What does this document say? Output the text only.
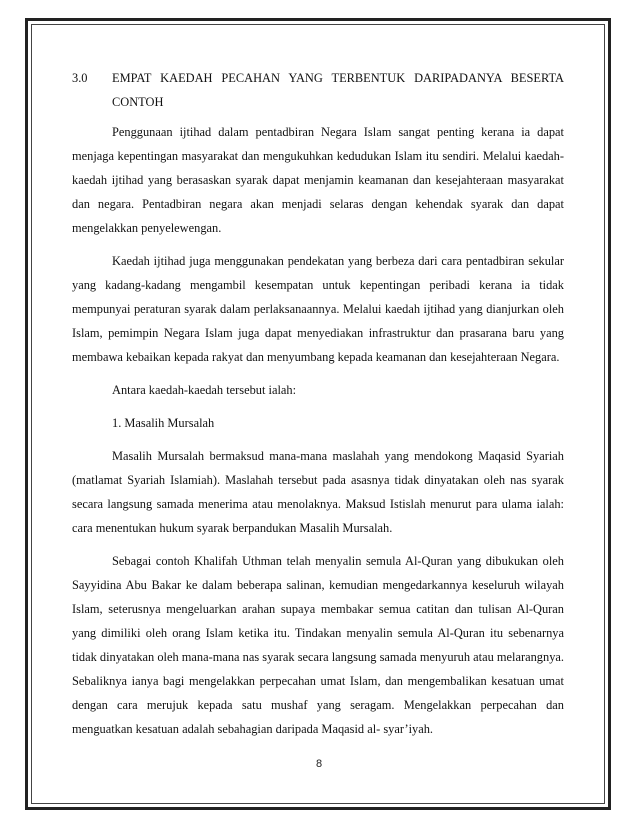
3.0	EMPAT KAEDAH PECAHAN YANG TERBENTUK DARIPADANYA BESERTA CONTOH

Penggunaan ijtihad dalam pentadbiran Negara Islam sangat penting kerana ia dapat menjaga kepentingan masyarakat dan mengukuhkan kedudukan Islam itu sendiri. Melalui kaedah-kaedah ijtihad yang berasaskan syarak dapat menjamin keamanan dan kesejahteraan masyarakat dan negara. Pentadbiran negara akan menjadi selaras dengan kehendak syarak dan dapat mengelakkan penyelewengan.

Kaedah ijtihad juga menggunakan pendekatan yang berbeza dari cara pentadbiran sekular yang kadang-kadang mengambil kesempatan untuk kepentingan peribadi kerana ia tidak mempunyai peraturan syarak dalam perlaksanaannya. Melalui kaedah ijtihad yang dianjurkan oleh Islam, pemimpin Negara Islam juga dapat menyediakan infrastruktur dan prasarana baru yang membawa kebaikan kepada rakyat dan menyumbang kepada keamanan dan kesejahteraan Negara.

Antara kaedah-kaedah tersebut ialah:

1. Masalih Mursalah

Masalih Mursalah bermaksud mana-mana maslahah yang mendokong Maqasid Syariah (matlamat Syariah Islamiah). Maslahah tersebut pada asasnya tidak dinyatakan oleh nas syarak secara langsung samada menerima atau menolaknya. Maksud Istislah menurut para ulama ialah: cara menentukan hukum syarak berpandukan Masalih Mursalah.

Sebagai contoh Khalifah Uthman telah menyalin semula Al-Quran yang dibukukan oleh Sayyidina Abu Bakar ke dalam beberapa salinan, kemudian mengedarkannya keseluruh wilayah Islam, seterusnya mengeluarkan arahan supaya membakar semua catitan dan tulisan Al-Quran yang dimiliki oleh orang Islam ketika itu. Tindakan menyalin semula Al-Quran itu sebenarnya tidak dinyatakan oleh mana-mana nas syarak secara langsung samada menyuruh atau melarangnya. Sebaliknya ianya bagi mengelakkan perpecahan umat Islam, dan mengembalikan kesatuan umat dengan cara merujuk kepada satu mushaf yang seragam. Mengelakkan perpecahan dan menguatkan kesatuan adalah sebahagian daripada Maqasid al- syar’iyah.

8
